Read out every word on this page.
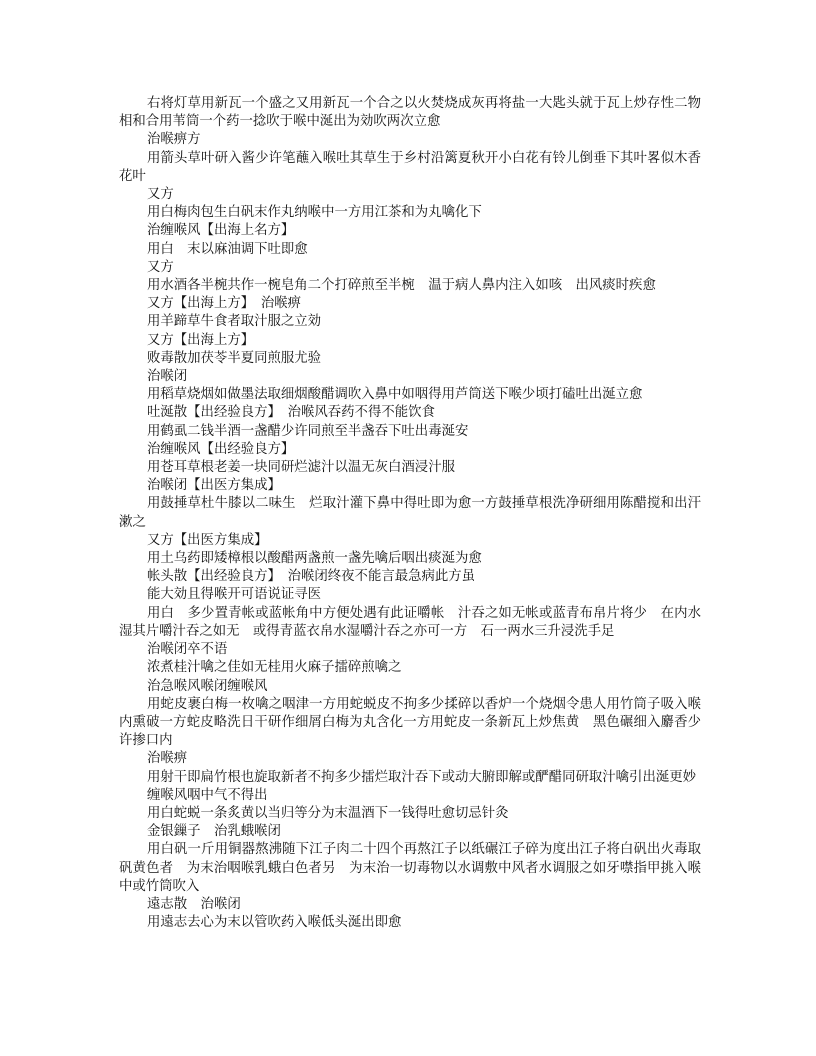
右将灯草用新瓦一个盛之又用新瓦一个合之以火焚烧成灰再将盐一大匙头就于瓦上炒存性二物相和合用苇筒一个药一捻吹于喉中涎出为効吹两次立愈

治喉痹方

用箭头草叶研入酱少许笔蘸入喉吐其草生于乡村沿篱夏秋开小白花有铃儿倒垂下其叶畧似木香花叶

又方

用白梅肉包生白矾末作丸纳喉中一方用江茶和为丸噙化下

治缠喉风【出海上名方】

用白　末以麻油调下吐即愈

又方

用水酒各半椀共作一椀皂角二个打碎煎至半椀　温于病人鼻内注入如咳　出风痰时疾愈

又方【出海上方】　治喉痹

用羊蹄草牛食者取汁服之立効

又方【出海上方】

败毒散加茯苓半夏同煎服尤验

治喉闭

用稻草烧烟如做墨法取细烟酸醋调吹入鼻中如咽得用芦筒送下喉少顷打磕吐出涎立愈

吐涎散【出经验良方】　治喉风吞药不得不能饮食

用鹤虱二钱半酒一盏醋少许同煎至半盏吞下吐出毒涎安

治缠喉风【出经验良方】

用苍耳草根老姜一块同研烂滤汁以温无灰白酒浸汁服

治喉闭【出医方集成】

用鼓捶草杜牛膝以二味生　烂取汁灌下鼻中得吐即为愈一方鼓捶草根洗净研细用陈醋搅和出汗漱之

又方【出医方集成】

用土乌药即矮樟根以酸醋两盏煎一盏先噙后咽出痰涎为愈

帐头散【出经验良方】　治喉闭终夜不能言最急病此方虽

能大効且得喉开可语说证寻医

用白　多少置青帐或蓝帐角中方便处遇有此证嚼帐　汁吞之如无帐或蓝青布帛片将少　在内水湿其片嚼汁吞之如无　或得青蓝衣帛水湿嚼汁吞之亦可一方　石一两水三升浸洗手足

治喉闭卒不语

浓煮桂汁噙之佳如无桂用火麻子擂碎煎噙之

治急喉风喉闭缠喉风

用蛇皮裹白梅一枚噙之咽津一方用蛇蜕皮不拘多少揉碎以香炉一个烧烟令患人用竹筒子吸入喉内熏破一方蛇皮略洗日干研作细屑白梅为丸含化一方用蛇皮一条新瓦上炒焦黄　黑色碾细入麝香少许掺口内

治喉痹

用射干即扁竹根也旋取新者不拘多少擂烂取汁吞下或动大腑即解或酽醋同研取汁噙引出涎更妙

缠喉风咽中气不得出

用白蛇蜕一条炙黄以当归等分为末温酒下一钱得吐愈切忌针灸

金银鏁子　治乳蛾喉闭

用白矾一斤用铜器熬沸随下江子肉二十四个再熬江子以纸碾江子碎为度出江子将白矾出火毒取矾黄色者　为末治咽喉乳蛾白色者另　为末治一切毒物以水调敷中风者水调服之如牙噤指甲挑入喉中或竹筒吹入

遠志散　治喉闭

用遠志去心为末以管吹药入喉低头涎出即愈
